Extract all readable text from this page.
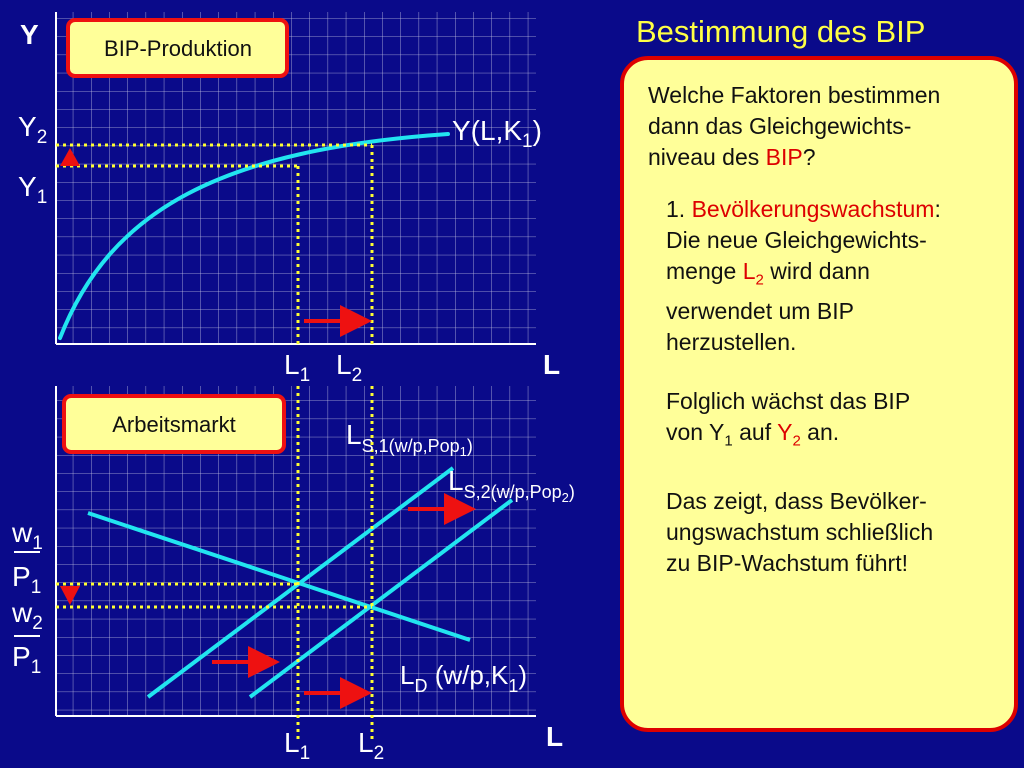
BIP-Produktion
Arbeitsmarkt
Y
L
$Y_2$
$Y_1$
$Y(L,K_1)$
$L_1$ $L_2$
L
$L_{S,1}(w/p,Pop1)$
$L_{S,2}(w/p,Pop2)$
$L_D$ $(w/p,K_1)$
$w_1$
$P_1$
$w_2$
$P_1$
$L_1$ $L_2$
Bestimmung des BIP
Welche Faktoren bestimmen
dann das Gleichgewichts-
niveau des BIP?
1. Bevölkerungswachstum:
Die neue Gleichgewichts-
menge $L_2$ wird dann
verwendet um BIP
herzustellen.
Folglich wächst das BIP
von $Y_1$ auf $Y_2$ an.
Das zeigt, dass Bevölker-
ungswachstum schließlich
zu BIP-Wachstum führt!
